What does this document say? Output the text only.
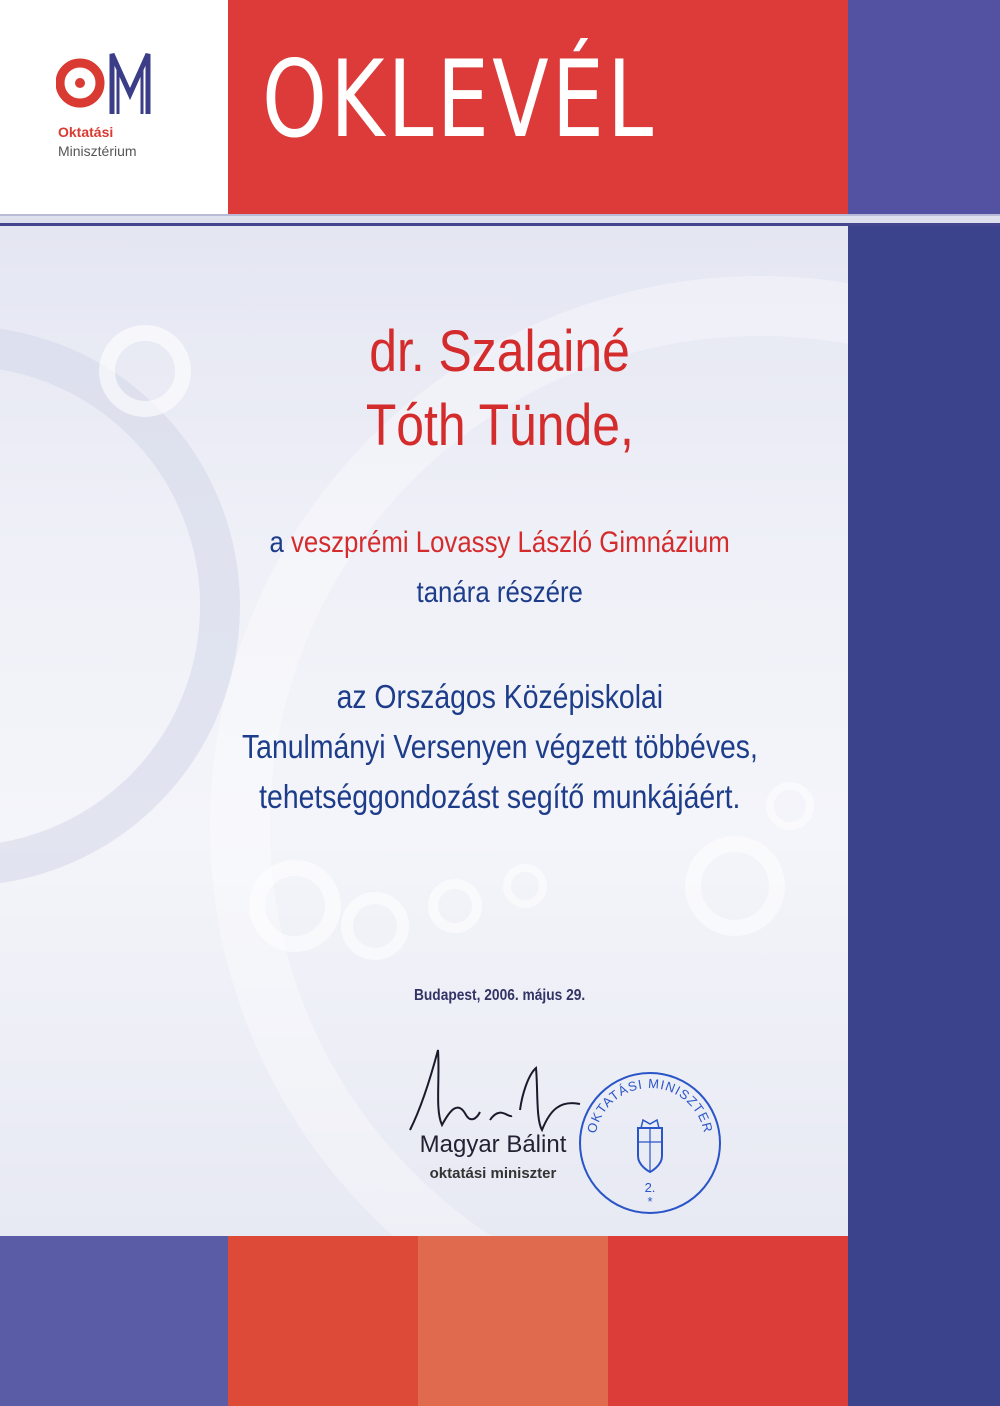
Oktatási
Minisztérium OKLEVÉL
dr. Szalainé
Tóth Tünde,
a veszprémi Lovassy László Gimnázium
tanára részére
az Országos Középiskolai
Tanulmányi Versenyen végzett többéves,
tehetséggondozást segítő munkájáért.
Budapest, 2006. május 29.
Magyar Bálint
oktatási miniszter
OKTATÁSI MINISZTER
2.
*
